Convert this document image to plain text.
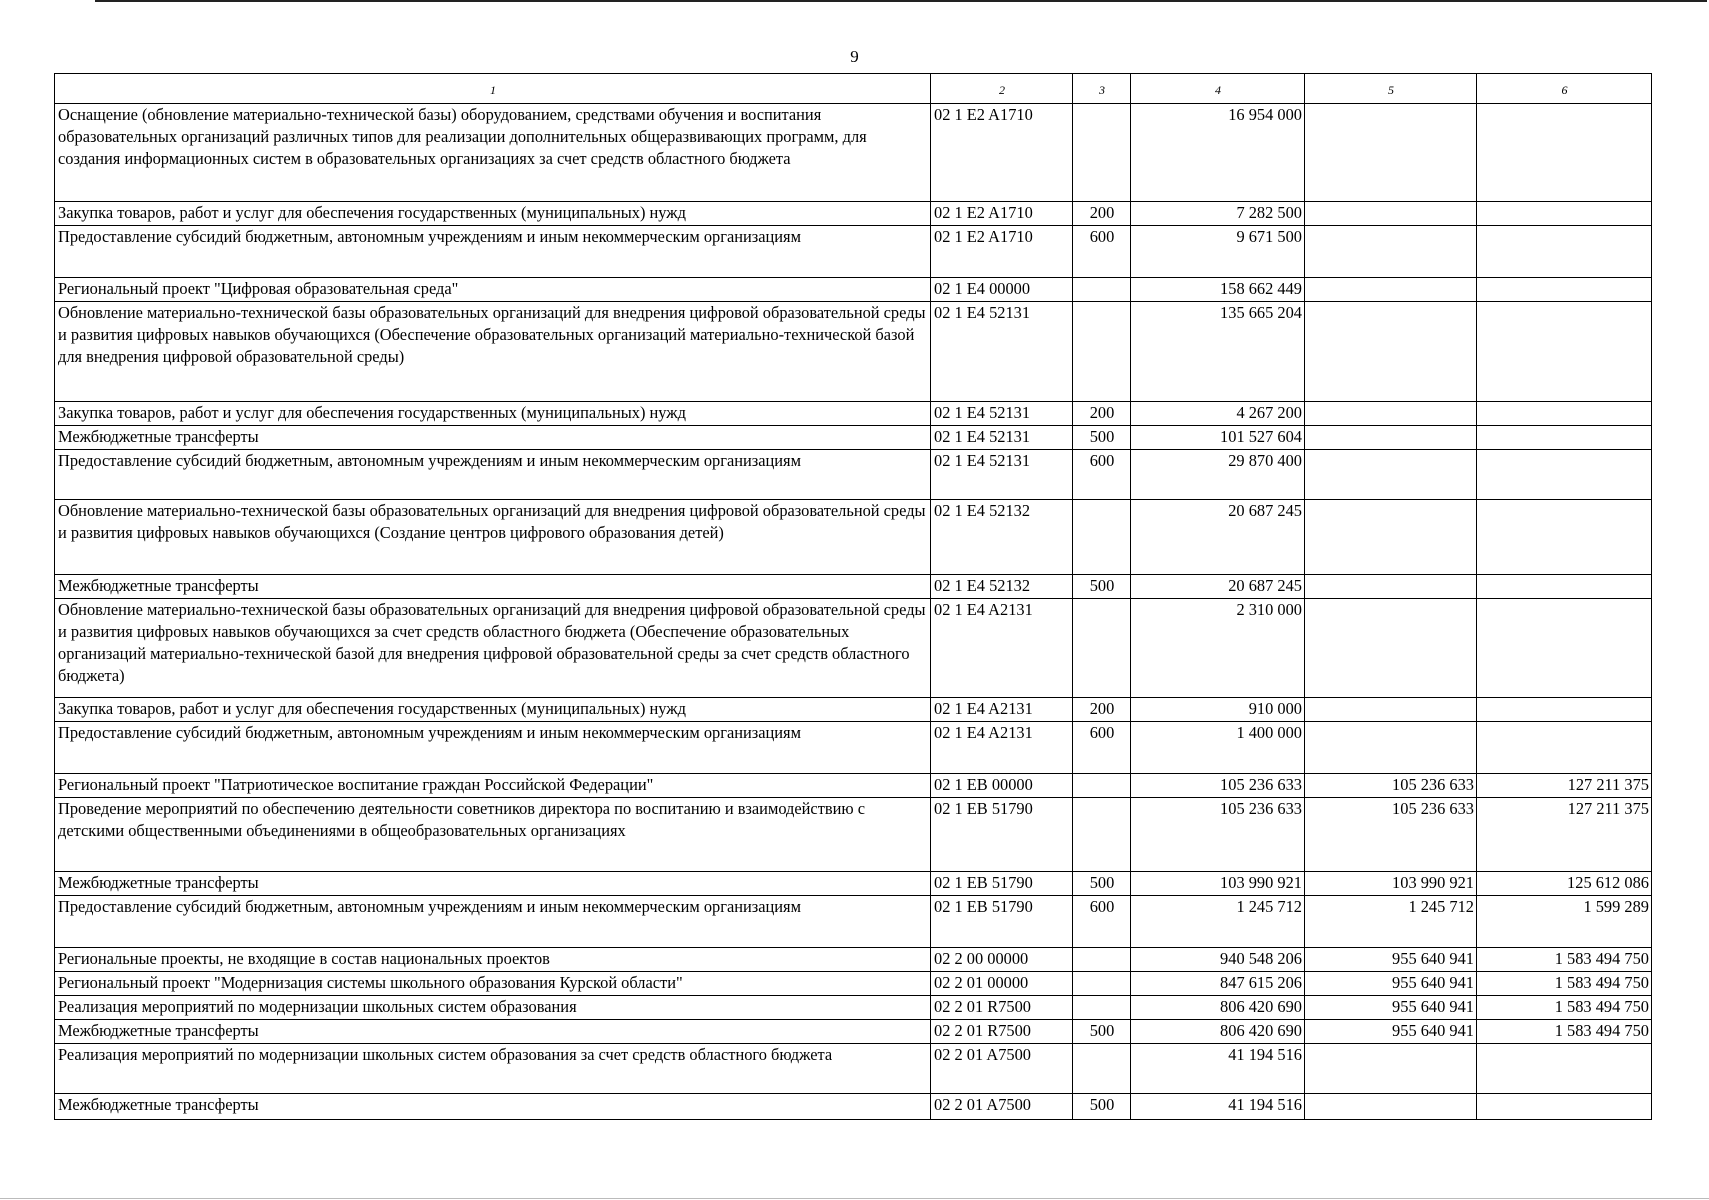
9
1	2	3	4	5	6
Оснащение (обновление материально-технической базы) оборудованием, средствами обучения и воспитания образовательных организаций различных типов для реализации дополнительных общеразвивающих программ, для создания информационных систем в образовательных организациях за счет средств областного бюджета	02 1 E2 A1710		16 954 000		
Закупка товаров, работ и услуг для обеспечения государственных (муниципальных) нужд	02 1 E2 A1710	200	7 282 500		
Предоставление субсидий бюджетным, автономным учреждениям и иным некоммерческим организациям	02 1 E2 A1710	600	9 671 500		
Региональный проект "Цифровая образовательная среда"	02 1 E4 00000		158 662 449		
Обновление материально-технической базы образовательных организаций для внедрения цифровой образовательной среды и развития цифровых навыков обучающихся (Обеспечение образовательных организаций материально-технической базой для внедрения цифровой образовательной среды)	02 1 E4 52131		135 665 204		
Закупка товаров, работ и услуг для обеспечения государственных (муниципальных) нужд	02 1 E4 52131	200	4 267 200		
Межбюджетные трансферты	02 1 E4 52131	500	101 527 604		
Предоставление субсидий бюджетным, автономным учреждениям и иным некоммерческим организациям	02 1 E4 52131	600	29 870 400		
Обновление материально-технической базы образовательных организаций для внедрения цифровой образовательной среды и развития цифровых навыков обучающихся (Создание центров цифрового образования детей)	02 1 E4 52132		20 687 245		
Межбюджетные трансферты	02 1 E4 52132	500	20 687 245		
Обновление материально-технической базы образовательных организаций для внедрения цифровой образовательной среды и развития цифровых навыков обучающихся за счет средств областного бюджета (Обеспечение образовательных организаций материально-технической базой для внедрения цифровой образовательной среды за счет средств областного бюджета)	02 1 E4 A2131		2 310 000		
Закупка товаров, работ и услуг для обеспечения государственных (муниципальных) нужд	02 1 E4 A2131	200	910 000		
Предоставление субсидий бюджетным, автономным учреждениям и иным некоммерческим организациям	02 1 E4 A2131	600	1 400 000		
Региональный проект "Патриотическое воспитание граждан Российской Федерации"	02 1 EB 00000		105 236 633	105 236 633	127 211 375
Проведение мероприятий по обеспечению деятельности советников директора по воспитанию и взаимодействию с детскими общественными объединениями в общеобразовательных организациях	02 1 EB 51790		105 236 633	105 236 633	127 211 375
Межбюджетные трансферты	02 1 EB 51790	500	103 990 921	103 990 921	125 612 086
Предоставление субсидий бюджетным, автономным учреждениям и иным некоммерческим организациям	02 1 EB 51790	600	1 245 712	1 245 712	1 599 289
Региональные проекты, не входящие в состав национальных проектов	02 2 00 00000		940 548 206	955 640 941	1 583 494 750
Региональный проект "Модернизация системы школьного образования Курской области"	02 2 01 00000		847 615 206	955 640 941	1 583 494 750
Реализация мероприятий по модернизации школьных систем образования	02 2 01 R7500		806 420 690	955 640 941	1 583 494 750
Межбюджетные трансферты	02 2 01 R7500	500	806 420 690	955 640 941	1 583 494 750
Реализация мероприятий по модернизации школьных систем образования за счет средств областного бюджета	02 2 01 A7500		41 194 516		
Межбюджетные трансферты	02 2 01 A7500	500	41 194 516		
